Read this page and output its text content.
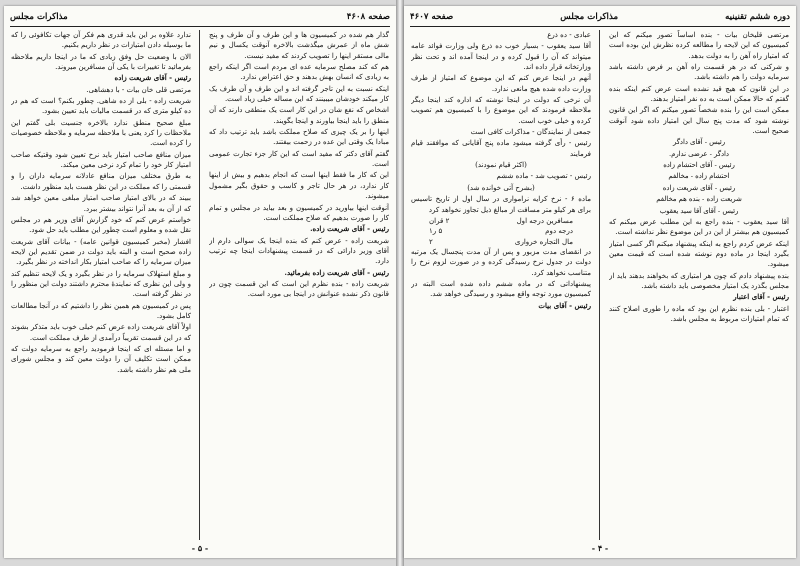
صفحه ۴۶۰۸
مذاکرات مجلس

گذار هم شده در کمیسیون ها و این طرف و آن طرف و پنج شش ماه از عمرش میگذشت بالاخره آنوقت یکسال و نیم مالی مستقر اینها را تصویب کردند که مفید نیست.

هم که کند مصلح سرمایه عده ای مردم است اگر اینکه راجع به زیادی که انسان بهش بدهند و حق اعتراض ندارد.

اینکه نسبت به این تاجر گرفته اند و این طرف و آن طرف یک کار میکند خودشان میبینند که این مساله خیلی زیاد است.

اشخاص که نفع شان در این کار است یک منطقی دارند که آن منطق را باید اینجا بیاورند و اینجا بگویند.

اینها را بر یک چیزی که صلاح مملکت باشد باید ترتیب داد که مبادا یک وقتی این عده در زحمت بیفتند.

گفتم آقای دکتر که مفید است که این کار جزء تجارت عمومی است.

این که کار ما فقط اینها است که انجام بدهیم و بیش از اینها کار ندارد، در هر حال تاجر و کاسب و حقوق بگیر مشمول میشوند.

آنوقت اینها بیاورید در کمیسیون و بعد بیاید در مجلس و تمام کار را صورت بدهیم که صلاح مملکت است.

رئیس - آقای شریعت زاده.

شریعت زاده - عرض کنم که بنده اینجا یک سوالی دارم از آقای وزیر دارائی که در قسمت پیشنهادات اینجا چه ترتیب دارد.

رئیس - آقای شریعت زاده بفرمائید.

شریعت زاده - بنده نظرم این است که این قسمت چون در قانون ذکر نشده عنوانش در اینجا بی مورد است.

ندارد علاوه بر این باید قدری هم فکر آن جهات تکافوئی را که ما بوسیله دادن امتیازات در نظر داریم بکنیم.

الان با وضعیت حل وفق زیادی که ما در اینجا داریم ملاحظه بفرمائید تا تغییرات با یکی آن مسافرین میروند.

رئیس - آقای شریعت زاده

مرتضی قلی خان بیات - با دهشاهی.

شریعت زاده - بلی از ده شاهی. چطور بکنم؟ است که هم در ده کیلو متری که در قسمت مالیات باید تعیین بشود.

مبلغ صحیح منطق ندارد بالاخره جنسیت بلی گفتم این ملاحظات را کرد یعنی با ملاحظه سرمایه و ملاحظه خصوصیات را کرده است.

میزان منافع صاحب امتیاز باید نرخ تعیین شود وقتیکه صاحب امتیاز کار خود را تمام کرد نرخی معین میکند.

به طرق مختلف میزان منافع عادلانه سرمایه داران را و قسمتی را که مملکت در این نظر هست باید منظور داشت.

ببیند که در بالای امتیاز صاحب امتیاز مبلغی معین خواهد شد که از آن به بعد آنرا نتواند بیشتر ببرد.

خواستم عرض کنم که خود گزارش آقای وزیر هم در مجلس نقل شده و معلوم است چطور این مطلب باید حل شود.

افشار (مخبر کمیسیون قوانین عامه) - بیانات آقای شریعت زاده صحیح است و البته باید دولت در ضمن تقدیم این لایحه میزان سرمایه را که صاحب امتیاز بکار انداخته در نظر بگیرد.

و مبلغ استهلاک سرمایه را در نظر بگیرد و یک لایحه تنظیم کند و ولی این نظری که نمایندۀ محترم داشتند دولت این منظور را در نظر گرفته است.

پس در کمیسیون هم همین نظر را داشتیم که در آنجا مطالعات کامل بشود.

اولاً آقای شریعت زاده عرض کنم خیلی خوب باید متذکر بشوند که در این قسمت تقریباً درآمدی از طرف مملکت است.

و اما مسئله ای که اینجا فرمودید راجع به سرمایه دولت که ممکن است تکلیف آن را دولت معین کند و مجلس شورای ملی هم نظر داشته باشد.

- ۵ -
دوره ششم تقنینیه
مذاکرات مجلس
صفحه ۴۶۰۷

مرتضی قلیخان بیات - بنده اساساً تصور میکنم که این کمیسیون که این لایحه را مطالعه کرده نظرش این بوده است که امتیاز راه آهن را به دولت بدهد.

و شرکتی که در هر قسمت راه آهن بر فرض داشته باشد سرمایه دولت را هم داشته باشد.

در این قانون که هیچ قید نشده است عرض کنم اینکه بنده گفتم که حالا ممکن است به ده نفر امتیاز بدهند.

ممکن است این را بنده شخصاً تصور میکنم که اگر این قانون نوشته شود که مدت پنج سال این امتیاز داده شود آنوقت صحیح است.

رئیس - آقای دادگر

دادگر - عرضی ندارم.

رئیس - آقای احتشام زاده

احتشام زاده - مخالفم

رئیس - آقای شریعت زاده

شریعت زاده - بنده هم مخالفم

رئیس - آقای آقا سید یعقوب

آقا سید یعقوب - بنده راجع به این مطلب عرض میکنم که کمیسیون هم بیشتر از این در این موضوع نظر نداشته است.

اینکه عرض کردم راجع به اینکه پیشنهاد میکنم اگر کسی امتیاز بگیرد اینجا در ماده دوم نوشته شده است که قیمت معین میشود.

بنده پیشنهاد دادم که چون هر امتیازی که بخواهند بدهند باید از مجلس بگذرد یک امتیاز مخصوصی باید داشته باشد.

رئیس - آقای اعتبار

اعتبار - بلی بنده نظرم این بود که ماده را طوری اصلاح کنند که تمام امتیازات مربوط به مجلس باشد.

عبادی - ده ذرع

آقا سید یعقوب - بسیار خوب ده ذرع ولی وزارت فوائد عامه میتواند که آن را قبول کرده و در اینجا آمده اند و تحت نظر وزارتخانه قرار داده اند.

آنهم در اینجا عرض کنم که این موضوع که امتیاز از طرف وزارت داده شده هیچ مانعی ندارد.

آن نرخی که دولت در اینجا نوشته که اداره کند اینجا دیگر ملاحظه فرمودند که این موضوع را با کمیسیون هم تصویب کرده و خیلی خوب است.

جمعی از نمایندگان - مذاکرات کافی است

رئیس - رأی گرفته میشود ماده پنج آقایانی که موافقند قیام فرمایند

(اکثر قیام نمودند)

رئیس - تصویب شد - ماده ششم

(بشرح آتی خوانده شد)

ماده ۶ - نرخ کرایه نرامواری در سال اول از تاریخ تاسیس برای هر کیلو متر مسافت از مبالغ ذیل تجاوز نخواهد کرد

مسافرین درجه اول
۲ قران
درجه دوم
۵ ر۱
مال التجاره خرواری
۲

در انقضای مدت مزبور و پس از آن مدت پنجسال یک مرتبه دولت در جدول نرخ رسیدگی کرده و در صورت لزوم نرخ را متناسب نخواهد کرد.

پیشنهاداتی که در ماده ششم داده شده است البته در کمیسیون مورد توجه واقع میشود و رسیدگی خواهد شد.

رئیس - آقای بیات

- ۴ -
